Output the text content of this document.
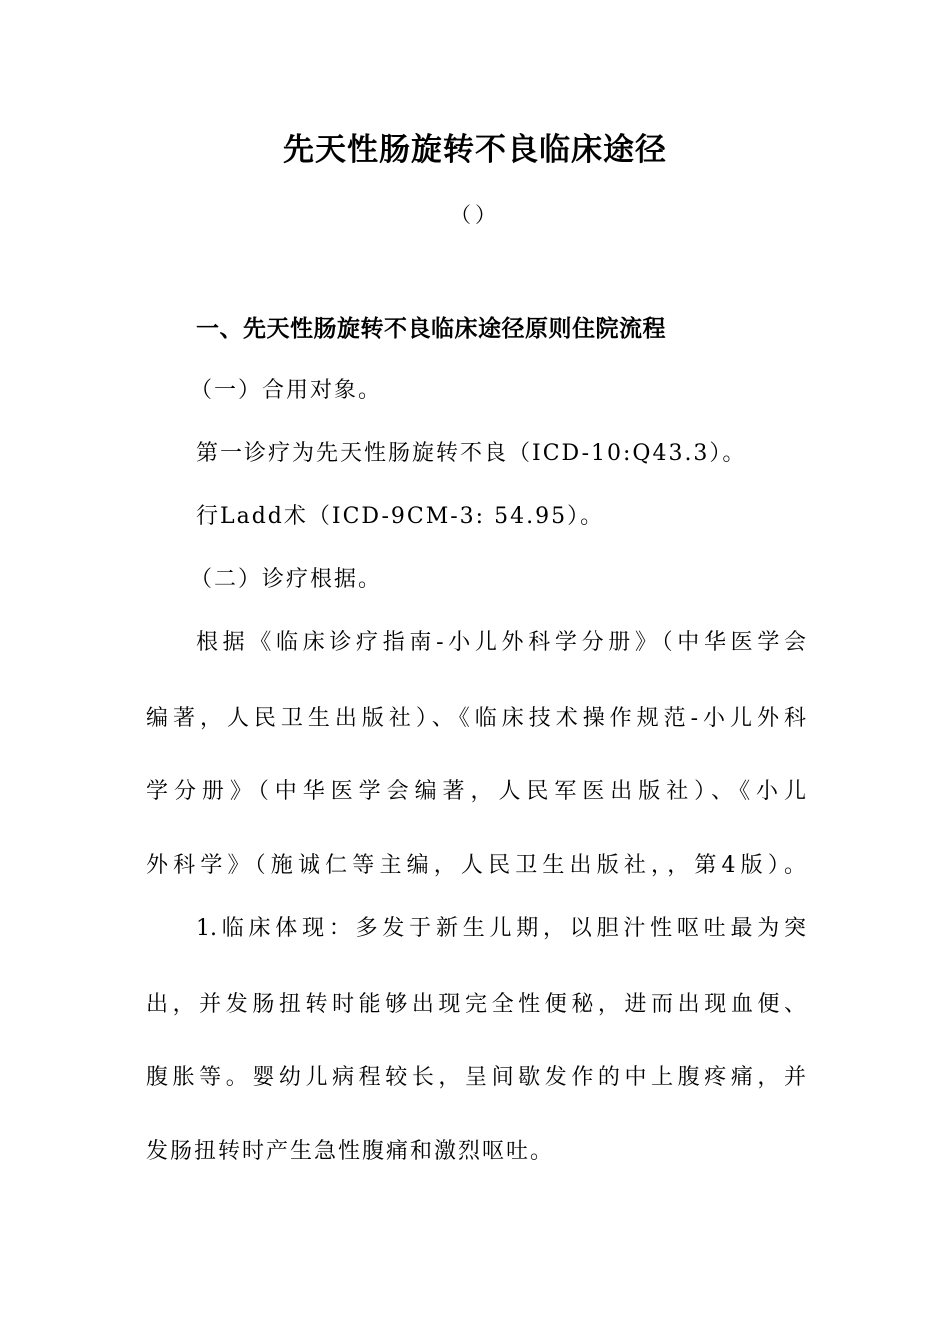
先天性肠旋转不良临床途径
（）
一、先天性肠旋转不良临床途径原则住院流程
（一）合用对象。
第一诊疗为先天性肠旋转不良（ICD-10:Q43.3）。
行Ladd术（ICD-9CM-3: 54.95）。
（二）诊疗根据。
根据《临床诊疗指南-小儿外科学分册》（中华医学会
编著，人民卫生出版社）、《临床技术操作规范-小儿外科
学分册》（中华医学会编著，人民军医出版社）、《小儿
外科学》（施诚仁等主编，人民卫生出版社，，第4版）。
1.临床体现：多发于新生儿期，以胆汁性呕吐最为突
出，并发肠扭转时能够出现完全性便秘，进而出现血便、
腹胀等。婴幼儿病程较长，呈间歇发作的中上腹疼痛，并
发肠扭转时产生急性腹痛和激烈呕吐。
